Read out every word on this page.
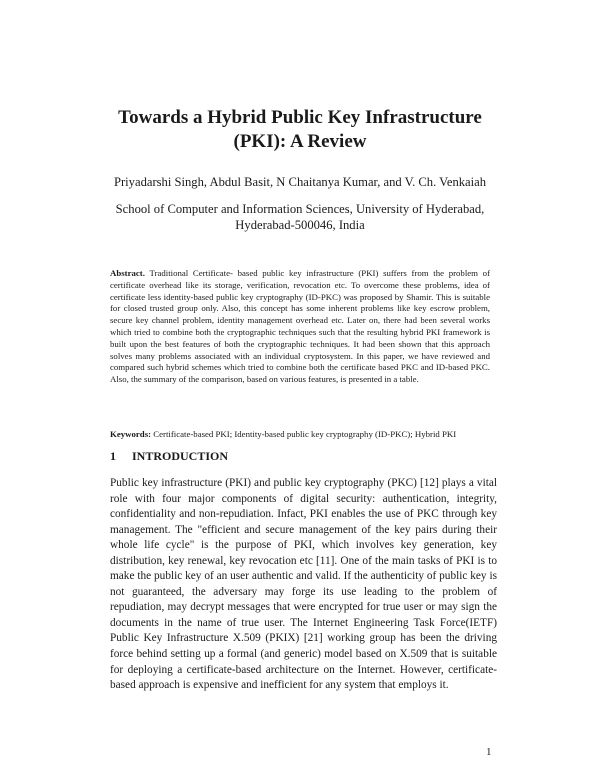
Towards a Hybrid Public Key Infrastructure
(PKI): A Review
Priyadarshi Singh, Abdul Basit, N Chaitanya Kumar, and V. Ch. Venkaiah
School of Computer and Information Sciences, University of Hyderabad,
Hyderabad-500046, India

Abstract. Traditional Certificate- based public key infrastructure (PKI) suffers from the problem of certificate overhead like its storage, verification, revocation etc. To overcome these problems, idea of certificate less identity-based public key cryptography (ID-PKC) was proposed by Shamir. This is suitable for closed trusted group only. Also, this concept has some inherent problems like key escrow problem, secure key channel problem, identity management overhead etc. Later on, there had been several works which tried to combine both the cryptographic techniques such that the resulting hybrid PKI framework is built upon the best features of both the cryptographic techniques. It had been shown that this approach solves many problems associated with an individual cryptosystem. In this paper, we have reviewed and compared such hybrid schemes which tried to combine both the certificate based PKC and ID-based PKC. Also, the summary of the comparison, based on various features, is presented in a table.

Keywords: Certificate-based PKI; Identity-based public key cryptography (ID-PKC); Hybrid PKI

1 INTRODUCTION

Public key infrastructure (PKI) and public key cryptography (PKC) [12] plays a vital role with four major components of digital security: authentication, integrity, confidentiality and non-repudiation. Infact, PKI enables the use of PKC through key management. The "efficient and secure management of the key pairs during their whole life cycle" is the purpose of PKI, which involves key generation, key distribution, key renewal, key revocation etc [11]. One of the main tasks of PKI is to make the public key of an user authentic and valid. If the authenticity of public key is not guaranteed, the adversary may forge its use leading to the problem of repudiation, may decrypt messages that were encrypted for true user or may sign the documents in the name of true user. The Internet Engineering Task Force(IETF) Public Key Infrastructure X.509 (PKIX) [21] working group has been the driving force behind setting up a formal (and generic) model based on X.509 that is suitable for deploying a certificate-based architecture on the Internet. However, certificate-based approach is expensive and inefficient for any system that employs it.

1
